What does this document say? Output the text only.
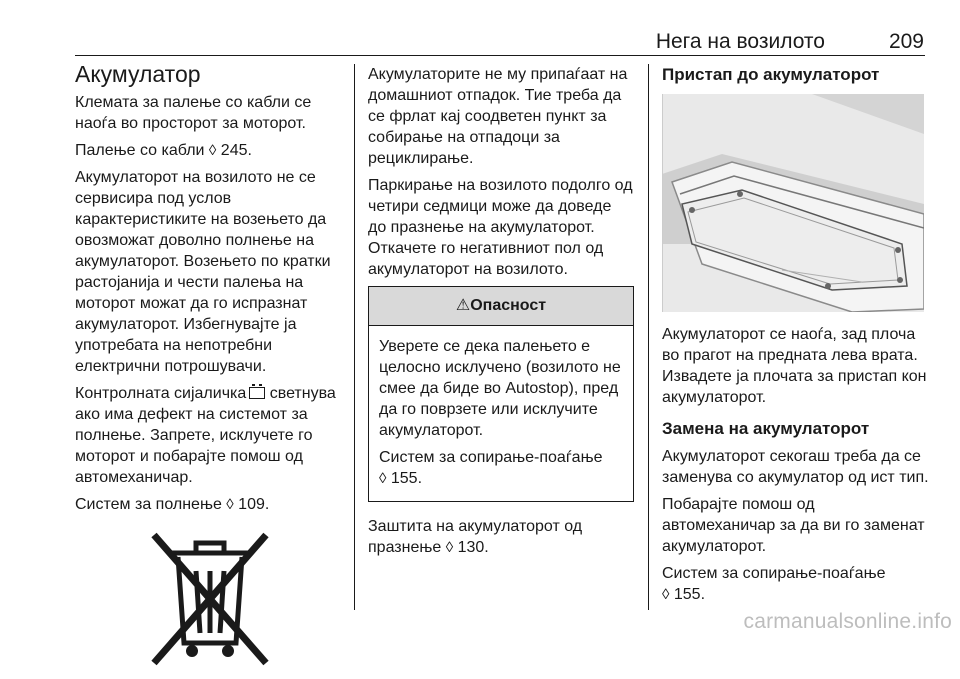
Нега на возилото	209
Акумулатор

Клемата за палење со кабли се наоѓа во просторот за моторот.

Палење со кабли ◊ 245.

Акумулаторот на возилото не се сервисира под услов карактеристиките на возењето да овозможат доволно полнење на акумулаторот. Возењето по кратки растојанија и чести палења на моторот можат да го испразнат акумулаторот. Избегнувајте ја употребата на непотребни електрични потрошувачи.

Контролната сијаличка светнува ако има дефект на системот за полнење. Запрете, исклучете го моторот и побарајте помош од автомеханичар.

Систем за полнење ◊ 109.

Акумулаторите не му припаѓаат на домашниот отпадок. Тие треба да се фрлат кај соодветен пункт за собирање на отпадоци за рециклирање.

Паркирање на возилото подолго од четири седмици може да доведе до празнење на акумулаторот.

Откачете го негативниот пол од акумулаторот на возилото.

⚠Опасност

Уверете се дека палењето е целосно исклучено (возилото не смее да биде во Autostop), пред да го поврзете или исклучите акумулаторот.

Систем за сопирање-поаѓање
◊ 155.

Заштита на акумулаторот од празнење ◊ 130.

Пристап до акумулаторот

Акумулаторот се наоѓа, зад плоча во прагот на предната лева врата. Извадете ја плочата за пристап кон акумулаторот.

Замена на акумулаторот

Акумулаторот секогаш треба да се заменува со акумулатор од ист тип.

Побарајте помош од автомеханичар за да ви го заменат акумулаторот.

Систем за сопирање-поаѓање
◊ 155.

carmanualsonline.info
